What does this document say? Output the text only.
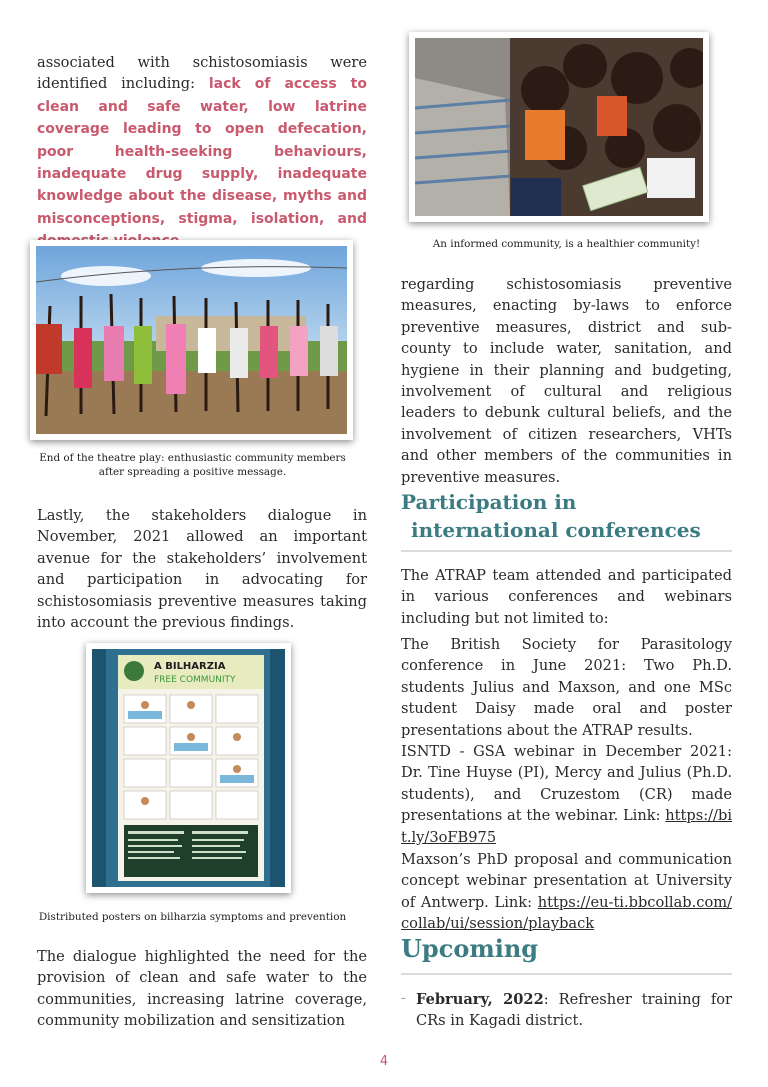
associated with schistosomiasis were identified including: lack of access to clean and safe water, low latrine coverage leading to open defecation, poor health-seeking behaviours, inadequate drug supply, inadequate knowledge about the disease, myths and misconceptions, stigma, isolation, and
End of the theatre play: enthusiastic community members after spreading a positive message.
Lastly, the stakeholders dialogue in November, 2021 allowed an important avenue for the stakeholders’ involvement and participation in advocating for schistosomiasis preventive measures taking into account the previous findings.
A BILHARZIA
FREE COMMUNITY
Distributed posters on bilharzia symptoms and prevention
The dialogue highlighted the need for the provision of clean and safe water to the communities, increasing latrine coverage, community mobilization and sensitization
An informed community, is a healthier community!
regarding schistosomiasis preventive measures, enacting by-laws to enforce preventive measures, district and sub-county to include water, sanitation, and hygiene in their planning and budgeting, involvement of cultural and religious leaders to debunk cultural beliefs, and the involvement of citizen researchers, VHTs and other members of the communities in preventive measures.
Participation in
international conferences
The ATRAP team attended and participated in various conferences and webinars including but not limited to:
The British Society for Parasitology conference in June 2021: Two Ph.D. students Julius and Maxson, and one MSc student Daisy made oral and poster presentations about the ATRAP results.
ISNTD - GSA webinar in December 2021: Dr. Tine Huyse (PI), Mercy and Julius (Ph.D. students), and Cruzestom (CR) made presentations at the webinar. Link: https://bit.ly/3oFB975
Maxson’s PhD proposal and communication concept webinar presentation at University of Antwerp. Link: https://eu-ti.bbcollab.com/collab/ui/session/playback
Upcoming
- February, 2022: Refresher training for CRs in Kagadi district.
4
